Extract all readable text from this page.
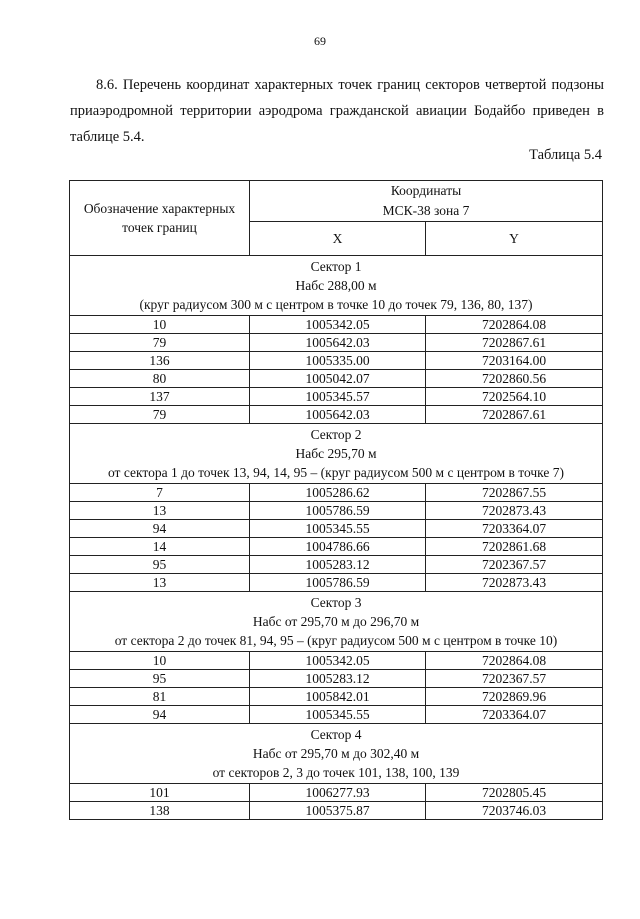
69

8.6. Перечень координат характерных точек границ секторов четвертой подзоны приаэродромной территории аэродрома гражданской авиации Бодайбо приведен в таблице 5.4.

Таблица 5.4
Обозначение характерных точек границ	Координаты
МСК-38 зона 7	

	X	Y

Сектор 1
Набс 288,00 м
(круг радиусом 300 м с центром в точке 10 до точек 79, 136, 80, 137)		

10	1005342.05	7202864.08
79	1005642.03	7202867.61
136	1005335.00	7203164.00
80	1005042.07	7202860.56
137	1005345.57	7202564.10
79	1005642.03	7202867.61

Сектор 2
Набс 295,70 м
от сектора 1 до точек 13, 94, 14, 95 – (круг радиусом 500 м с центром в точке 7)		

7	1005286.62	7202867.55
13	1005786.59	7202873.43
94	1005345.55	7203364.07
14	1004786.66	7202861.68
95	1005283.12	7202367.57
13	1005786.59	7202873.43

Сектор 3
Набс от 295,70 м до 296,70 м
от сектора 2 до точек 81, 94, 95 – (круг радиусом 500 м с центром в точке 10)		

10	1005342.05	7202864.08
95	1005283.12	7202367.57
81	1005842.01	7202869.96
94	1005345.55	7203364.07

Сектор 4
Набс от 295,70 м до 302,40 м
от секторов 2, 3 до точек 101, 138, 100, 139		

101	1006277.93	7202805.45
138	1005375.87	7203746.03
